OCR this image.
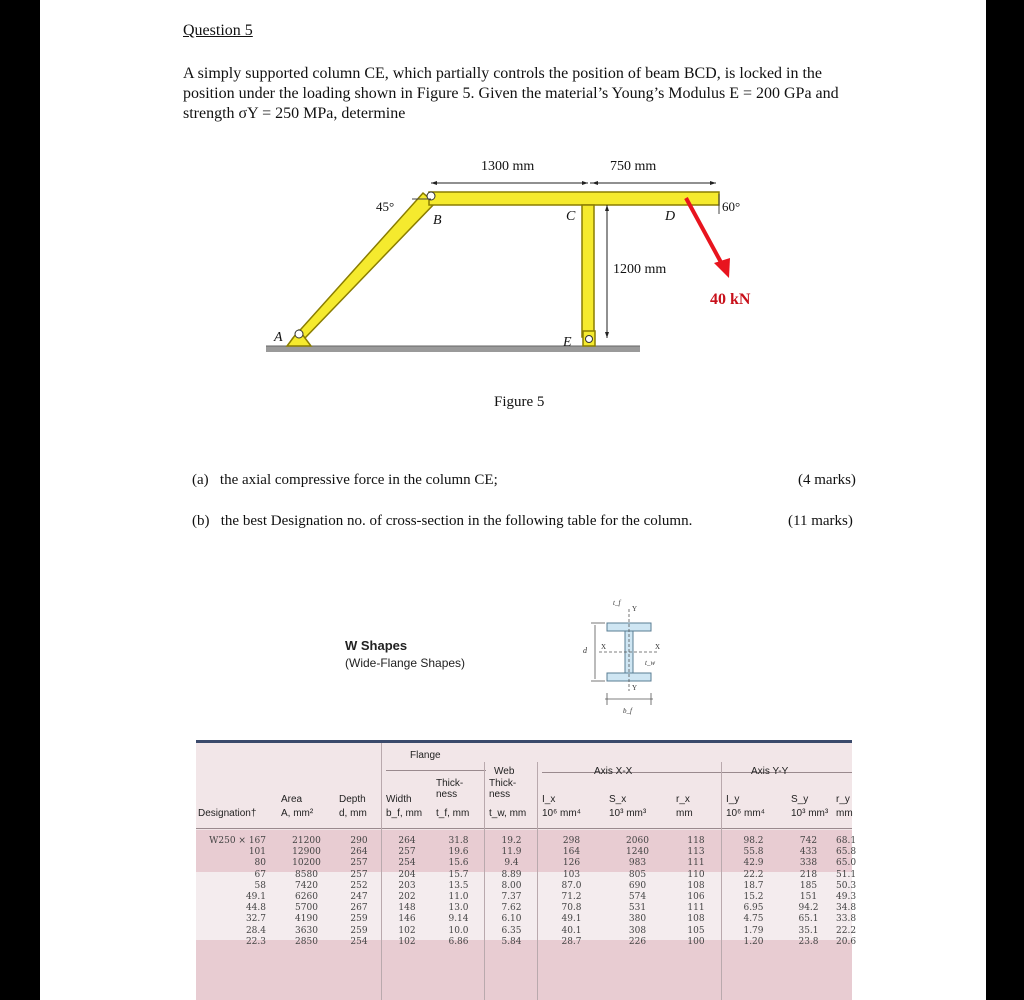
Question 5
A simply supported column CE, which partially controls the position of beam BCD, is locked in the position under the loading shown in Figure 5. Given the material’s Young’s Modulus E = 200 GPa and strength σY = 250 MPa, determine
1300 mm	750 mm
1200 mm
45°	60°
40 kN
A
B	C	D
E
Figure 5
(a) the axial compressive force in the column CE;	(4 marks)
(b) the best Designation no. of cross-section in the following table for the column.	(11 marks)
W Shapes
(Wide-Flange Shapes)
t_f
Y
d X	X
t_w
Y
b_f
Flange
Web	Axis X-X	Axis Y-Y
Designation†
Area
A, mm²
Depth
d, mm
Width
b_f, mm
Thick- ness
t_f, mm
Thick- ness
t_w, mm
I_x
10⁶ mm⁴
S_x
10³ mm³
r_x
mm
I_y
10⁶ mm⁴
S_y
10³ mm³
r_y
mm
W250 × 167	21200	290	264	31.8	19.2	298	2060	118	98.2	742	68.1
101	12900	264	257	19.6	11.9	164	1240	113	55.8	433	65.8
80	10200	257	254	15.6	9.4	126	983	111	42.9	338	65.0
67	8580	257	204	15.7	8.89	103	805	110	22.2	218	51.1
58	7420	252	203	13.5	8.00	87.0	690	108	18.7	185	50.3
49.1	6260	247	202	11.0	7.37	71.2	574	106	15.2	151	49.3
44.8	5700	267	148	13.0	7.62	70.8	531	111	6.95	94.2	34.8
32.7	4190	259	146	9.14	6.10	49.1	380	108	4.75	65.1	33.8
28.4	3630	259	102	10.0	6.35	40.1	308	105	1.79	35.1	22.2
22.3	2850	254	102	6.86	5.84	28.7	226	100	1.20	23.8	20.6
